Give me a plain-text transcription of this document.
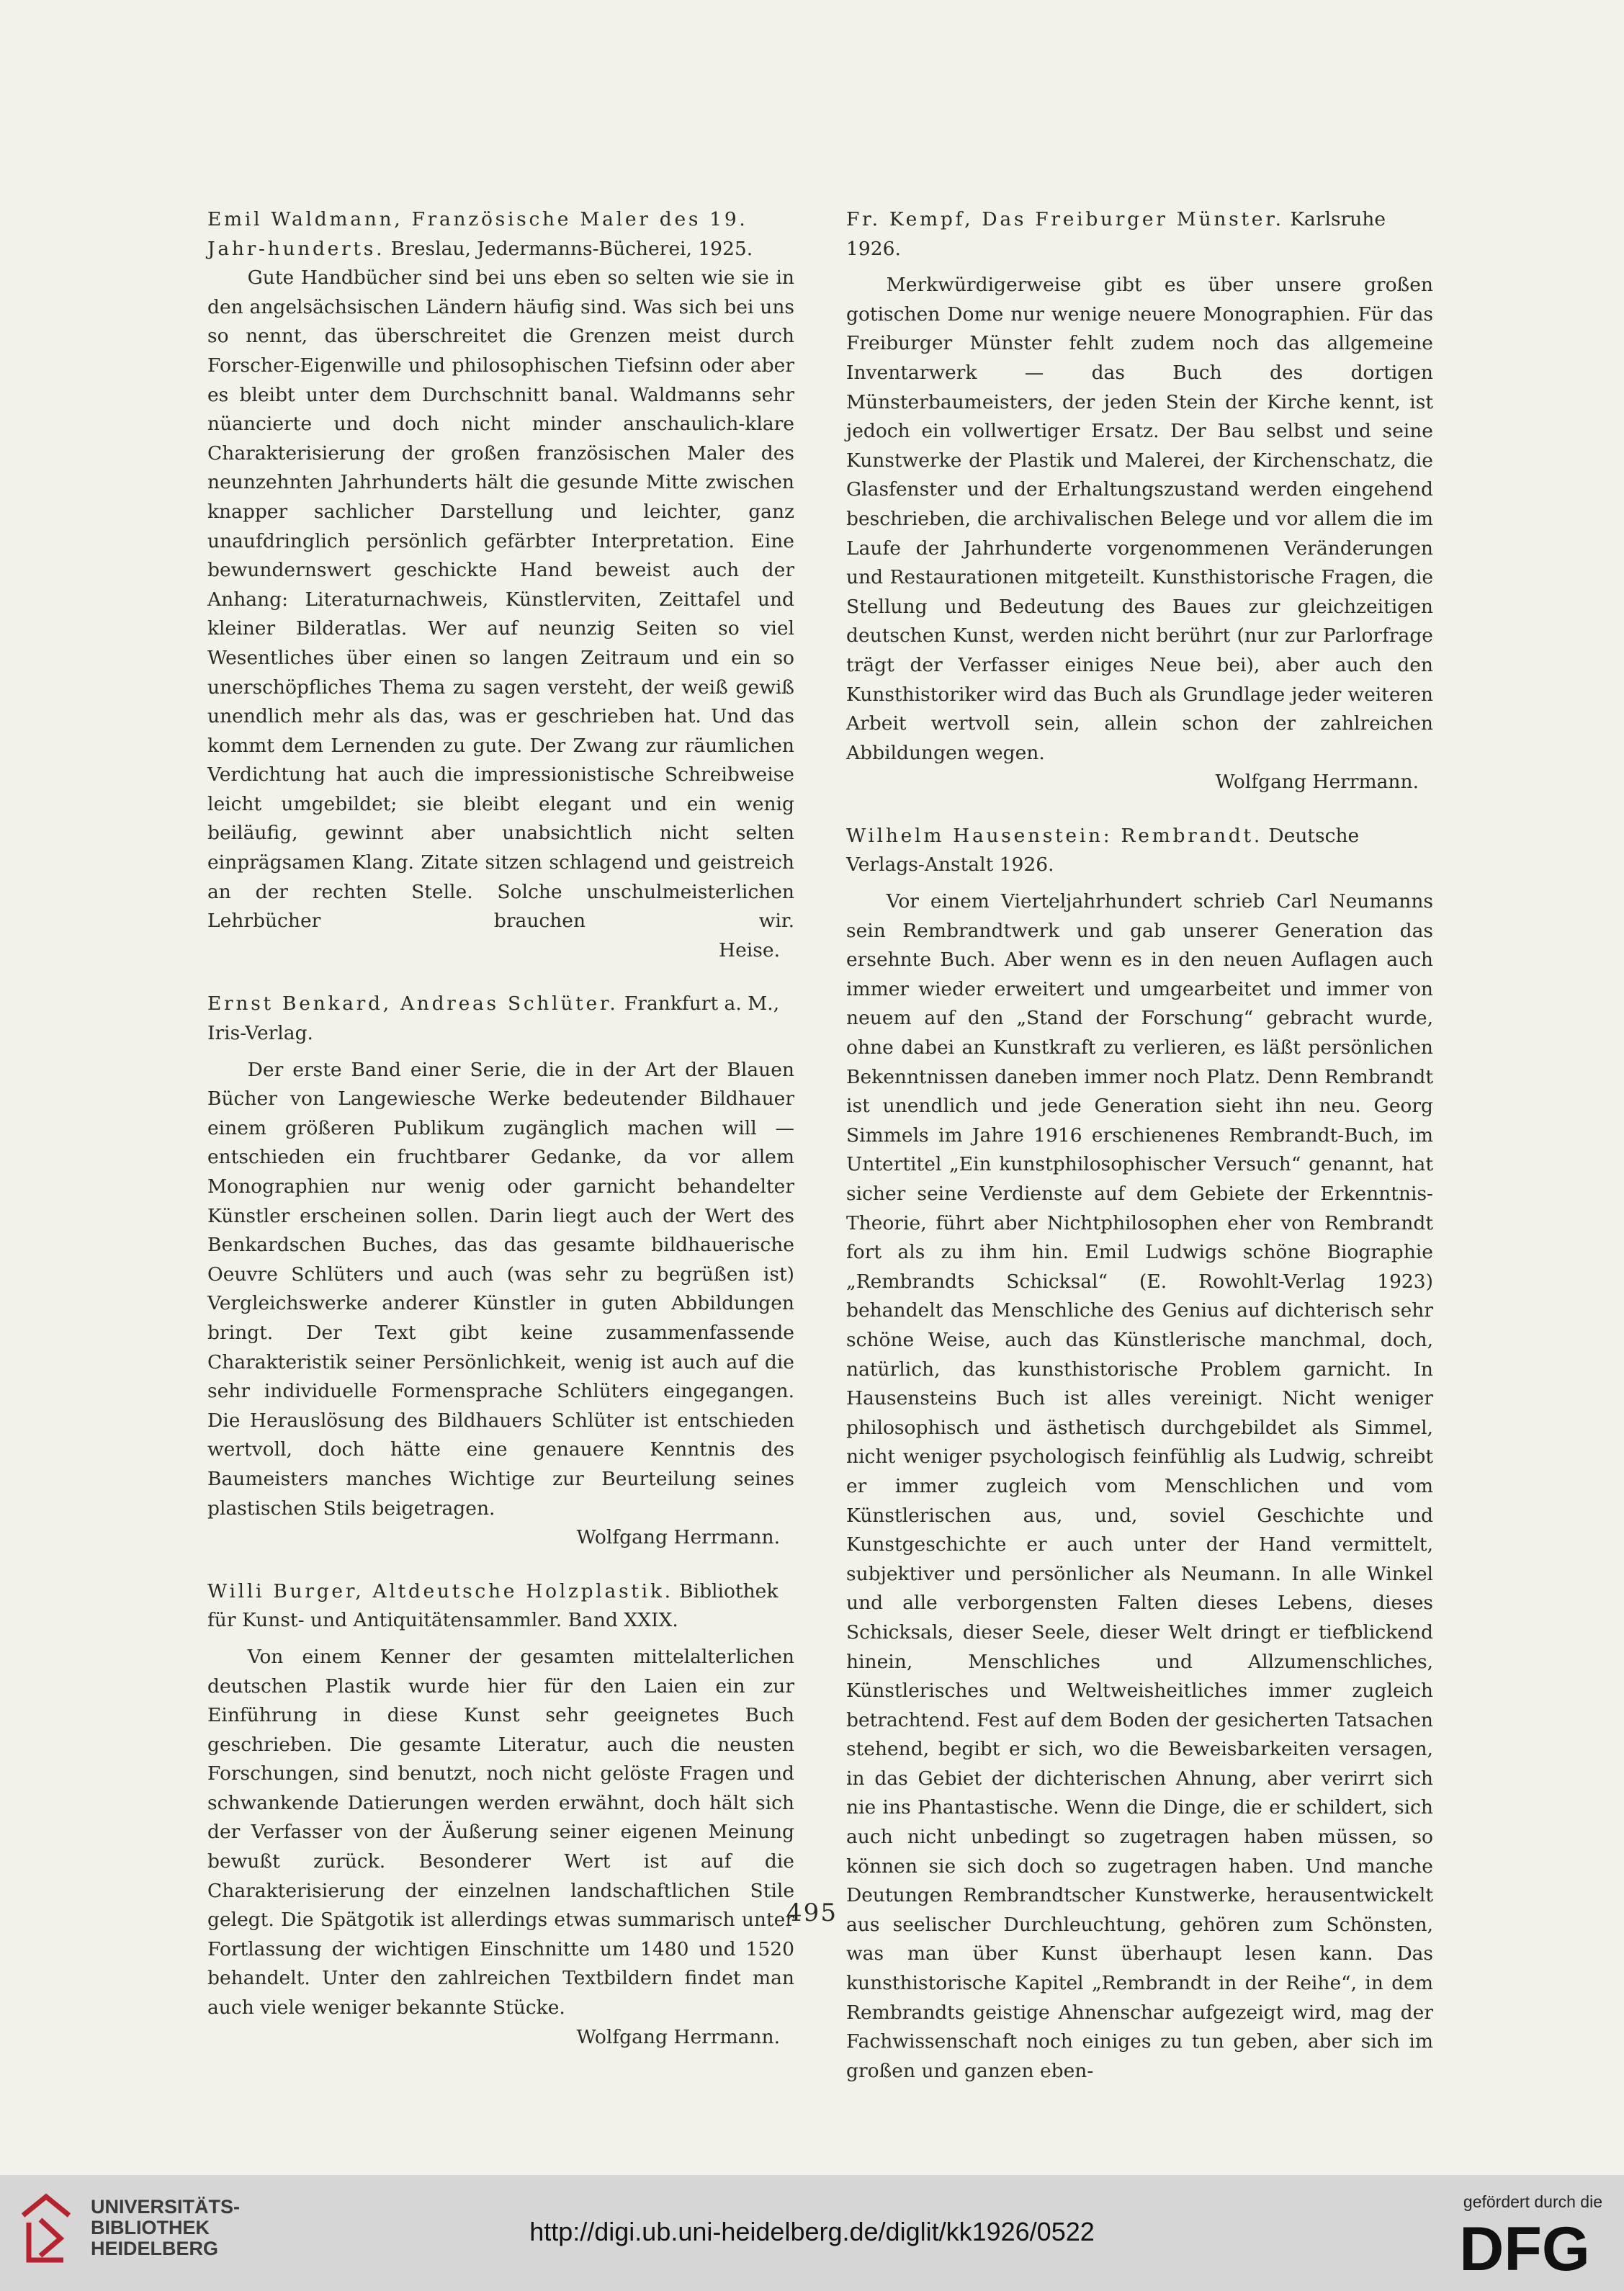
Emil Waldmann, Französische Maler des 19. Jahr-hunderts. Breslau, Jedermanns-Bücherei, 1925.

Gute Handbücher sind bei uns eben so selten wie sie in den angelsächsischen Ländern häufig sind. Was sich bei uns so nennt, das überschreitet die Grenzen meist durch Forscher-Eigenwille und philosophischen Tiefsinn oder aber es bleibt unter dem Durchschnitt banal. Waldmanns sehr nüancierte und doch nicht minder anschaulich-klare Charakterisierung der großen französischen Maler des neunzehnten Jahrhunderts hält die gesunde Mitte zwischen knapper sachlicher Darstellung und leichter, ganz unaufdringlich persönlich gefärbter Interpretation. Eine bewundernswert geschickte Hand beweist auch der Anhang: Literaturnachweis, Künstlerviten, Zeittafel und kleiner Bilderatlas. Wer auf neunzig Seiten so viel Wesentliches über einen so langen Zeitraum und ein so unerschöpfliches Thema zu sagen versteht, der weiß gewiß unendlich mehr als das, was er geschrieben hat. Und das kommt dem Lernenden zu gute. Der Zwang zur räumlichen Verdichtung hat auch die impressionistische Schreibweise leicht umgebildet; sie bleibt elegant und ein wenig beiläufig, gewinnt aber unabsichtlich nicht selten einprägsamen Klang. Zitate sitzen schlagend und geistreich an der rechten Stelle. Solche unschulmeisterlichen Lehrbücher brauchen wir.

Heise.

Ernst Benkard, Andreas Schlüter. Frankfurt a. M., Iris-Verlag.

Der erste Band einer Serie, die in der Art der Blauen Bücher von Langewiesche Werke bedeutender Bildhauer einem größeren Publikum zugänglich machen will — entschieden ein fruchtbarer Gedanke, da vor allem Monographien nur wenig oder garnicht behandelter Künstler erscheinen sollen. Darin liegt auch der Wert des Benkardschen Buches, das das gesamte bildhauerische Oeuvre Schlüters und auch (was sehr zu begrüßen ist) Vergleichswerke anderer Künstler in guten Abbildungen bringt. Der Text gibt keine zusammenfassende Charakteristik seiner Persönlichkeit, wenig ist auch auf die sehr individuelle Formensprache Schlüters eingegangen. Die Herauslösung des Bildhauers Schlüter ist entschieden wertvoll, doch hätte eine genauere Kenntnis des Baumeisters manches Wichtige zur Beurteilung seines plastischen Stils beigetragen.

Wolfgang Herrmann.

Willi Burger, Altdeutsche Holzplastik. Bibliothek für Kunst- und Antiquitätensammler. Band XXIX.

Von einem Kenner der gesamten mittelalterlichen deutschen Plastik wurde hier für den Laien ein zur Einführung in diese Kunst sehr geeignetes Buch geschrieben. Die gesamte Literatur, auch die neusten Forschungen, sind benutzt, noch nicht gelöste Fragen und schwankende Datierungen werden erwähnt, doch hält sich der Verfasser von der Äußerung seiner eigenen Meinung bewußt zurück. Besonderer Wert ist auf die Charakterisierung der einzelnen landschaftlichen Stile gelegt. Die Spätgotik ist allerdings etwas summarisch unter Fortlassung der wichtigen Einschnitte um 1480 und 1520 behandelt. Unter den zahlreichen Textbildern findet man auch viele weniger bekannte Stücke.

Wolfgang Herrmann.

Fr. Kempf, Das Freiburger Münster. Karlsruhe 1926.

Merkwürdigerweise gibt es über unsere großen gotischen Dome nur wenige neuere Monographien. Für das Freiburger Münster fehlt zudem noch das allgemeine Inventarwerk — das Buch des dortigen Münsterbaumeisters, der jeden Stein der Kirche kennt, ist jedoch ein vollwertiger Ersatz. Der Bau selbst und seine Kunstwerke der Plastik und Malerei, der Kirchenschatz, die Glasfenster und der Erhaltungszustand werden eingehend beschrieben, die archivalischen Belege und vor allem die im Laufe der Jahrhunderte vorgenommenen Veränderungen und Restaurationen mitgeteilt. Kunsthistorische Fragen, die Stellung und Bedeutung des Baues zur gleichzeitigen deutschen Kunst, werden nicht berührt (nur zur Parlorfrage trägt der Verfasser einiges Neue bei), aber auch den Kunsthistoriker wird das Buch als Grundlage jeder weiteren Arbeit wertvoll sein, allein schon der zahlreichen Abbildungen wegen.

Wolfgang Herrmann.

Wilhelm Hausenstein: Rembrandt. Deutsche Verlags-Anstalt 1926.

Vor einem Vierteljahrhundert schrieb Carl Neumanns sein Rembrandtwerk und gab unserer Generation das ersehnte Buch. Aber wenn es in den neuen Auflagen auch immer wieder erweitert und umgearbeitet und immer von neuem auf den „Stand der Forschung“ gebracht wurde, ohne dabei an Kunstkraft zu verlieren, es läßt persönlichen Bekenntnissen daneben immer noch Platz. Denn Rembrandt ist unendlich und jede Generation sieht ihn neu. Georg Simmels im Jahre 1916 erschienenes Rembrandt-Buch, im Untertitel „Ein kunstphilosophischer Versuch“ genannt, hat sicher seine Verdienste auf dem Gebiete der Erkenntnis-Theorie, führt aber Nichtphilosophen eher von Rembrandt fort als zu ihm hin. Emil Ludwigs schöne Biographie „Rembrandts Schicksal“ (E. Rowohlt-Verlag 1923) behandelt das Menschliche des Genius auf dichterisch sehr schöne Weise, auch das Künstlerische manchmal, doch, natürlich, das kunsthistorische Problem garnicht. In Hausensteins Buch ist alles vereinigt. Nicht weniger philosophisch und ästhetisch durchgebildet als Simmel, nicht weniger psychologisch feinfühlig als Ludwig, schreibt er immer zugleich vom Menschlichen und vom Künstlerischen aus, und, soviel Geschichte und Kunstgeschichte er auch unter der Hand vermittelt, subjektiver und persönlicher als Neumann. In alle Winkel und alle verborgensten Falten dieses Lebens, dieses Schicksals, dieser Seele, dieser Welt dringt er tiefblickend hinein, Menschliches und Allzumenschliches, Künstlerisches und Weltweisheitliches immer zugleich betrachtend. Fest auf dem Boden der gesicherten Tatsachen stehend, begibt er sich, wo die Beweisbarkeiten versagen, in das Gebiet der dichterischen Ahnung, aber verirrt sich nie ins Phantastische. Wenn die Dinge, die er schildert, sich auch nicht unbedingt so zugetragen haben müssen, so können sie sich doch so zugetragen haben. Und manche Deutungen Rembrandtscher Kunstwerke, herausentwickelt aus seelischer Durchleuchtung, gehören zum Schönsten, was man über Kunst überhaupt lesen kann. Das kunsthistorische Kapitel „Rembrandt in der Reihe“, in dem Rembrandts geistige Ahnenschar aufgezeigt wird, mag der Fachwissenschaft noch einiges zu tun geben, aber sich im großen und ganzen eben-

495
UNIVERSITÄTS-
BIBLIOTHEK
HEIDELBERG
http://digi.ub.uni-heidelberg.de/diglit/kk1926/0522
gefördert durch die
DFG
